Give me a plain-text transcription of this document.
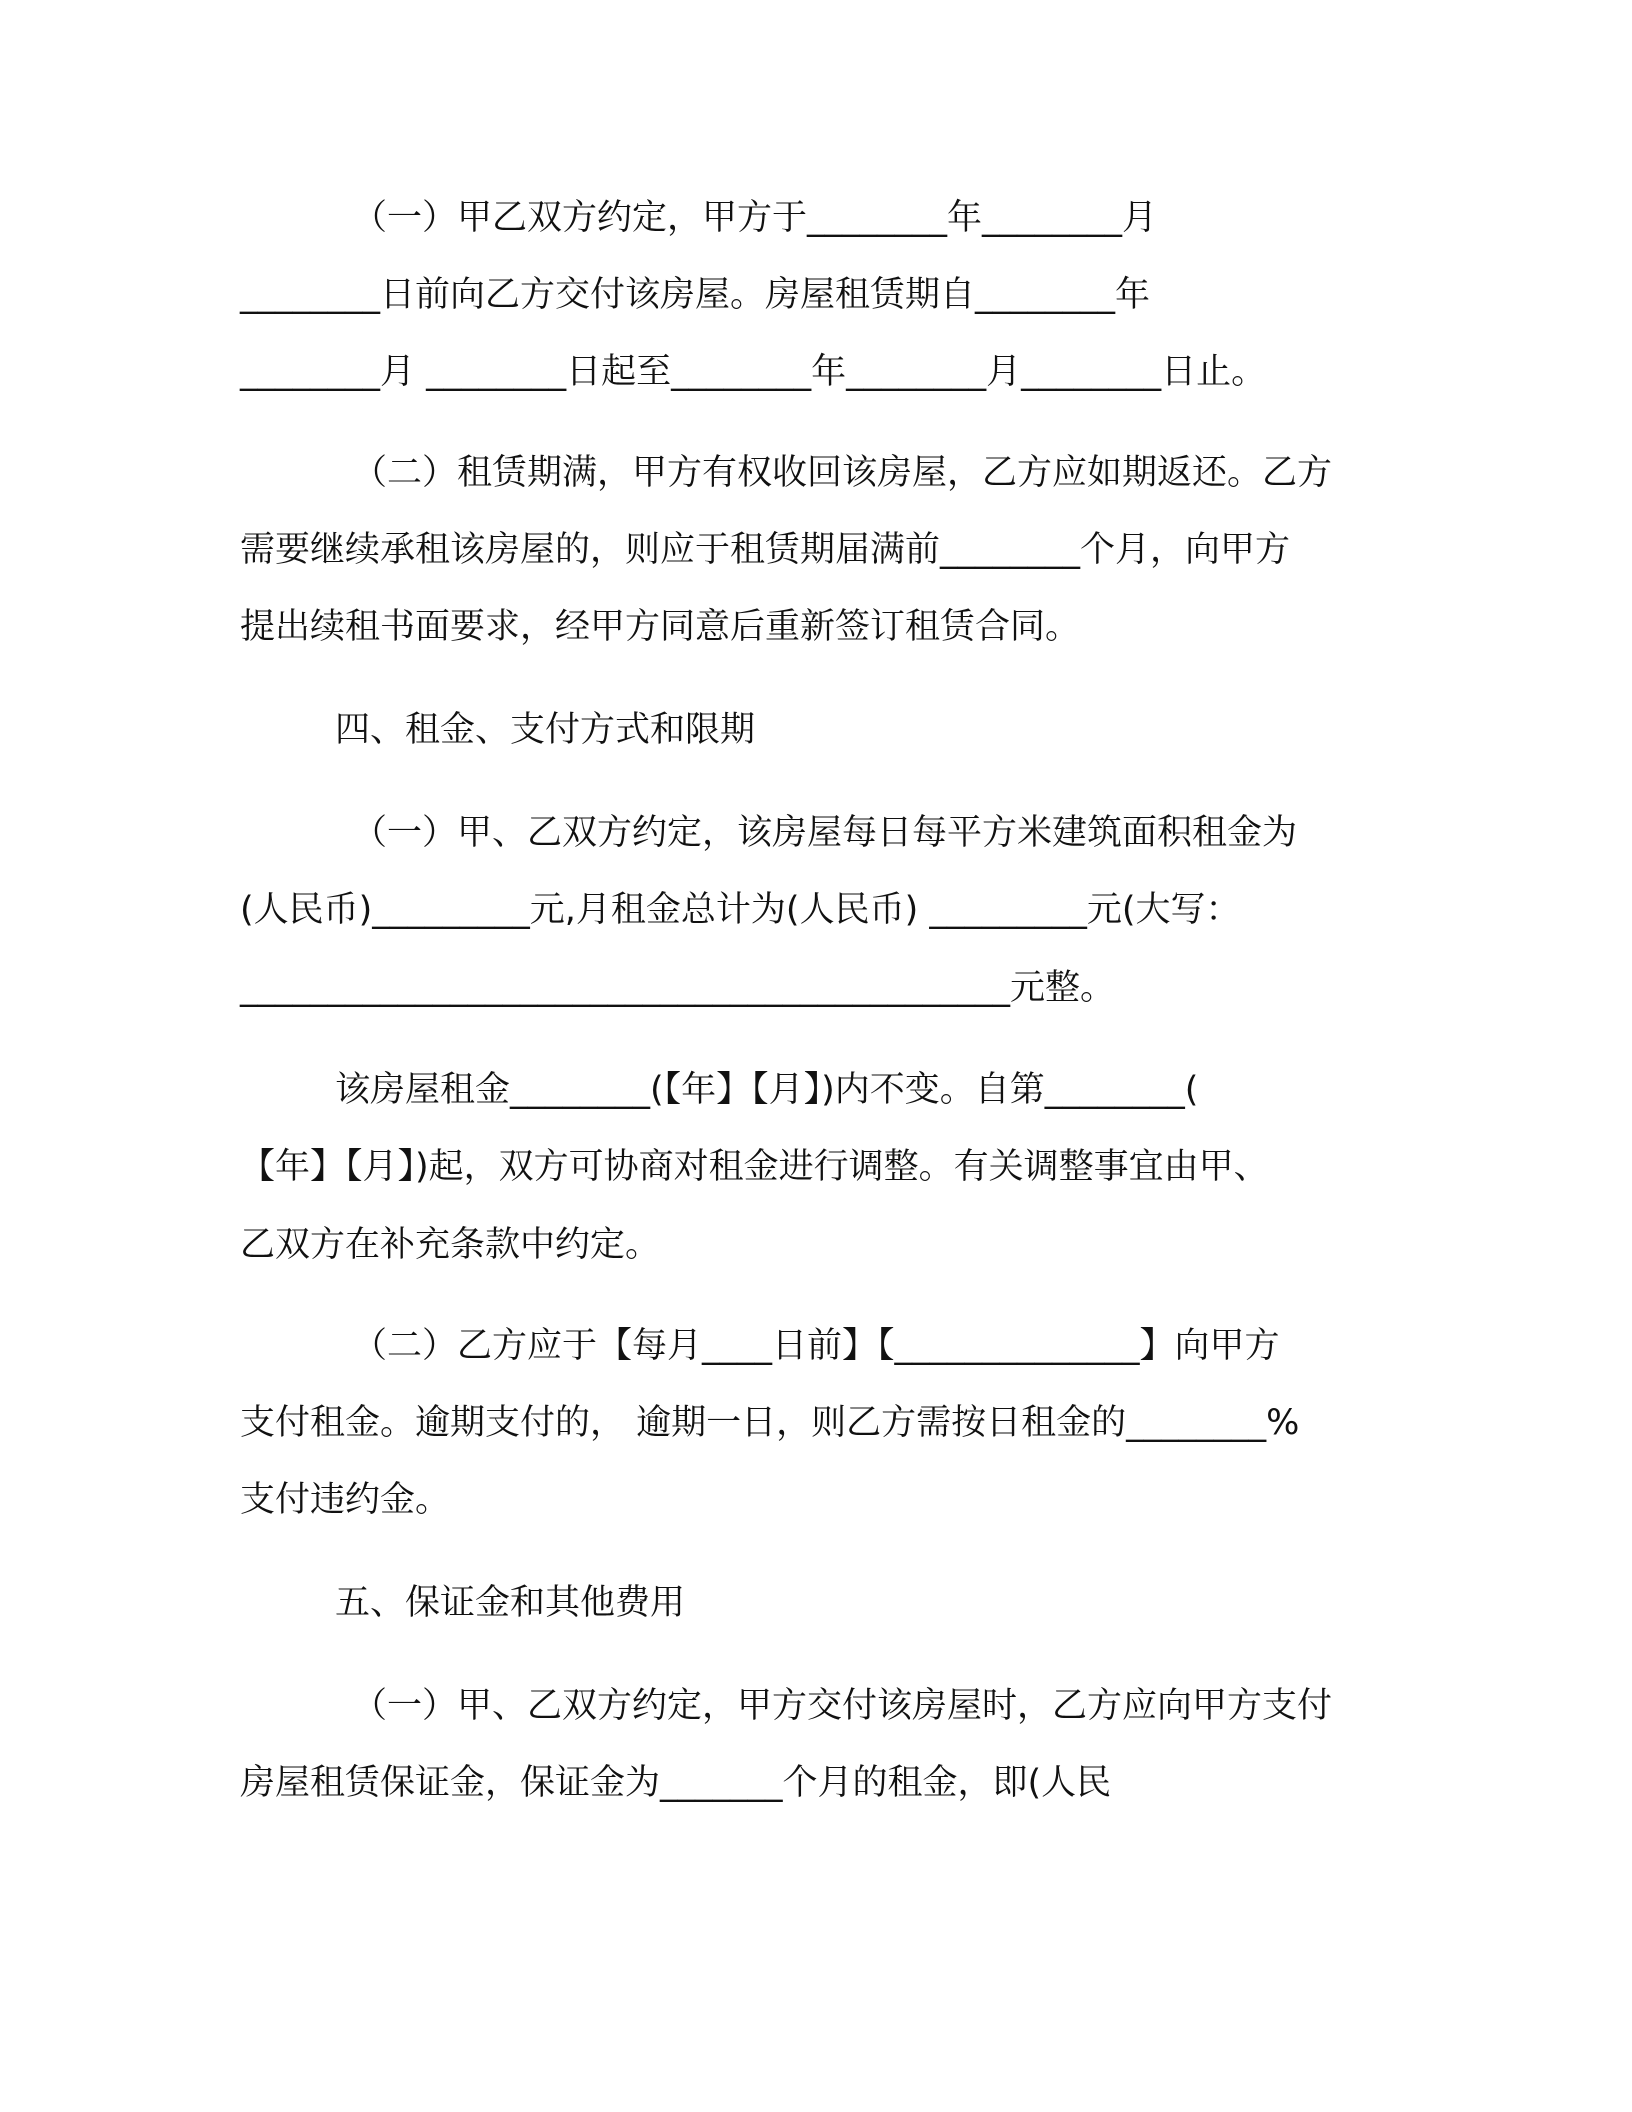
（一）甲乙双方约定，甲方于________年________月

________日前向乙方交付该房屋。房屋租赁期自________年

________月 ________日起至________年________月________日止。

（二）租赁期满，甲方有权收回该房屋，乙方应如期返还。乙方

需要继续承租该房屋的，则应于租赁期届满前________个月，向甲方

提出续租书面要求，经甲方同意后重新签订租赁合同。

四、租金、支付方式和限期

（一）甲、乙双方约定，该房屋每日每平方米建筑面积租金为

(人民币)_________元,月租金总计为(人民币) _________元(大写：

____________________________________________元整。

该房屋租金________(【年】【月】)内不变。自第________(

【年】【月】)起，双方可协商对租金进行调整。有关调整事宜由甲、

乙双方在补充条款中约定。

（二）乙方应于【每月____日前】【______________】向甲方

支付租金。逾期支付的， 逾期一日，则乙方需按日租金的________%

支付违约金。

五、保证金和其他费用

（一）甲、乙双方约定，甲方交付该房屋时，乙方应向甲方支付

房屋租赁保证金，保证金为_______个月的租金，即(人民
